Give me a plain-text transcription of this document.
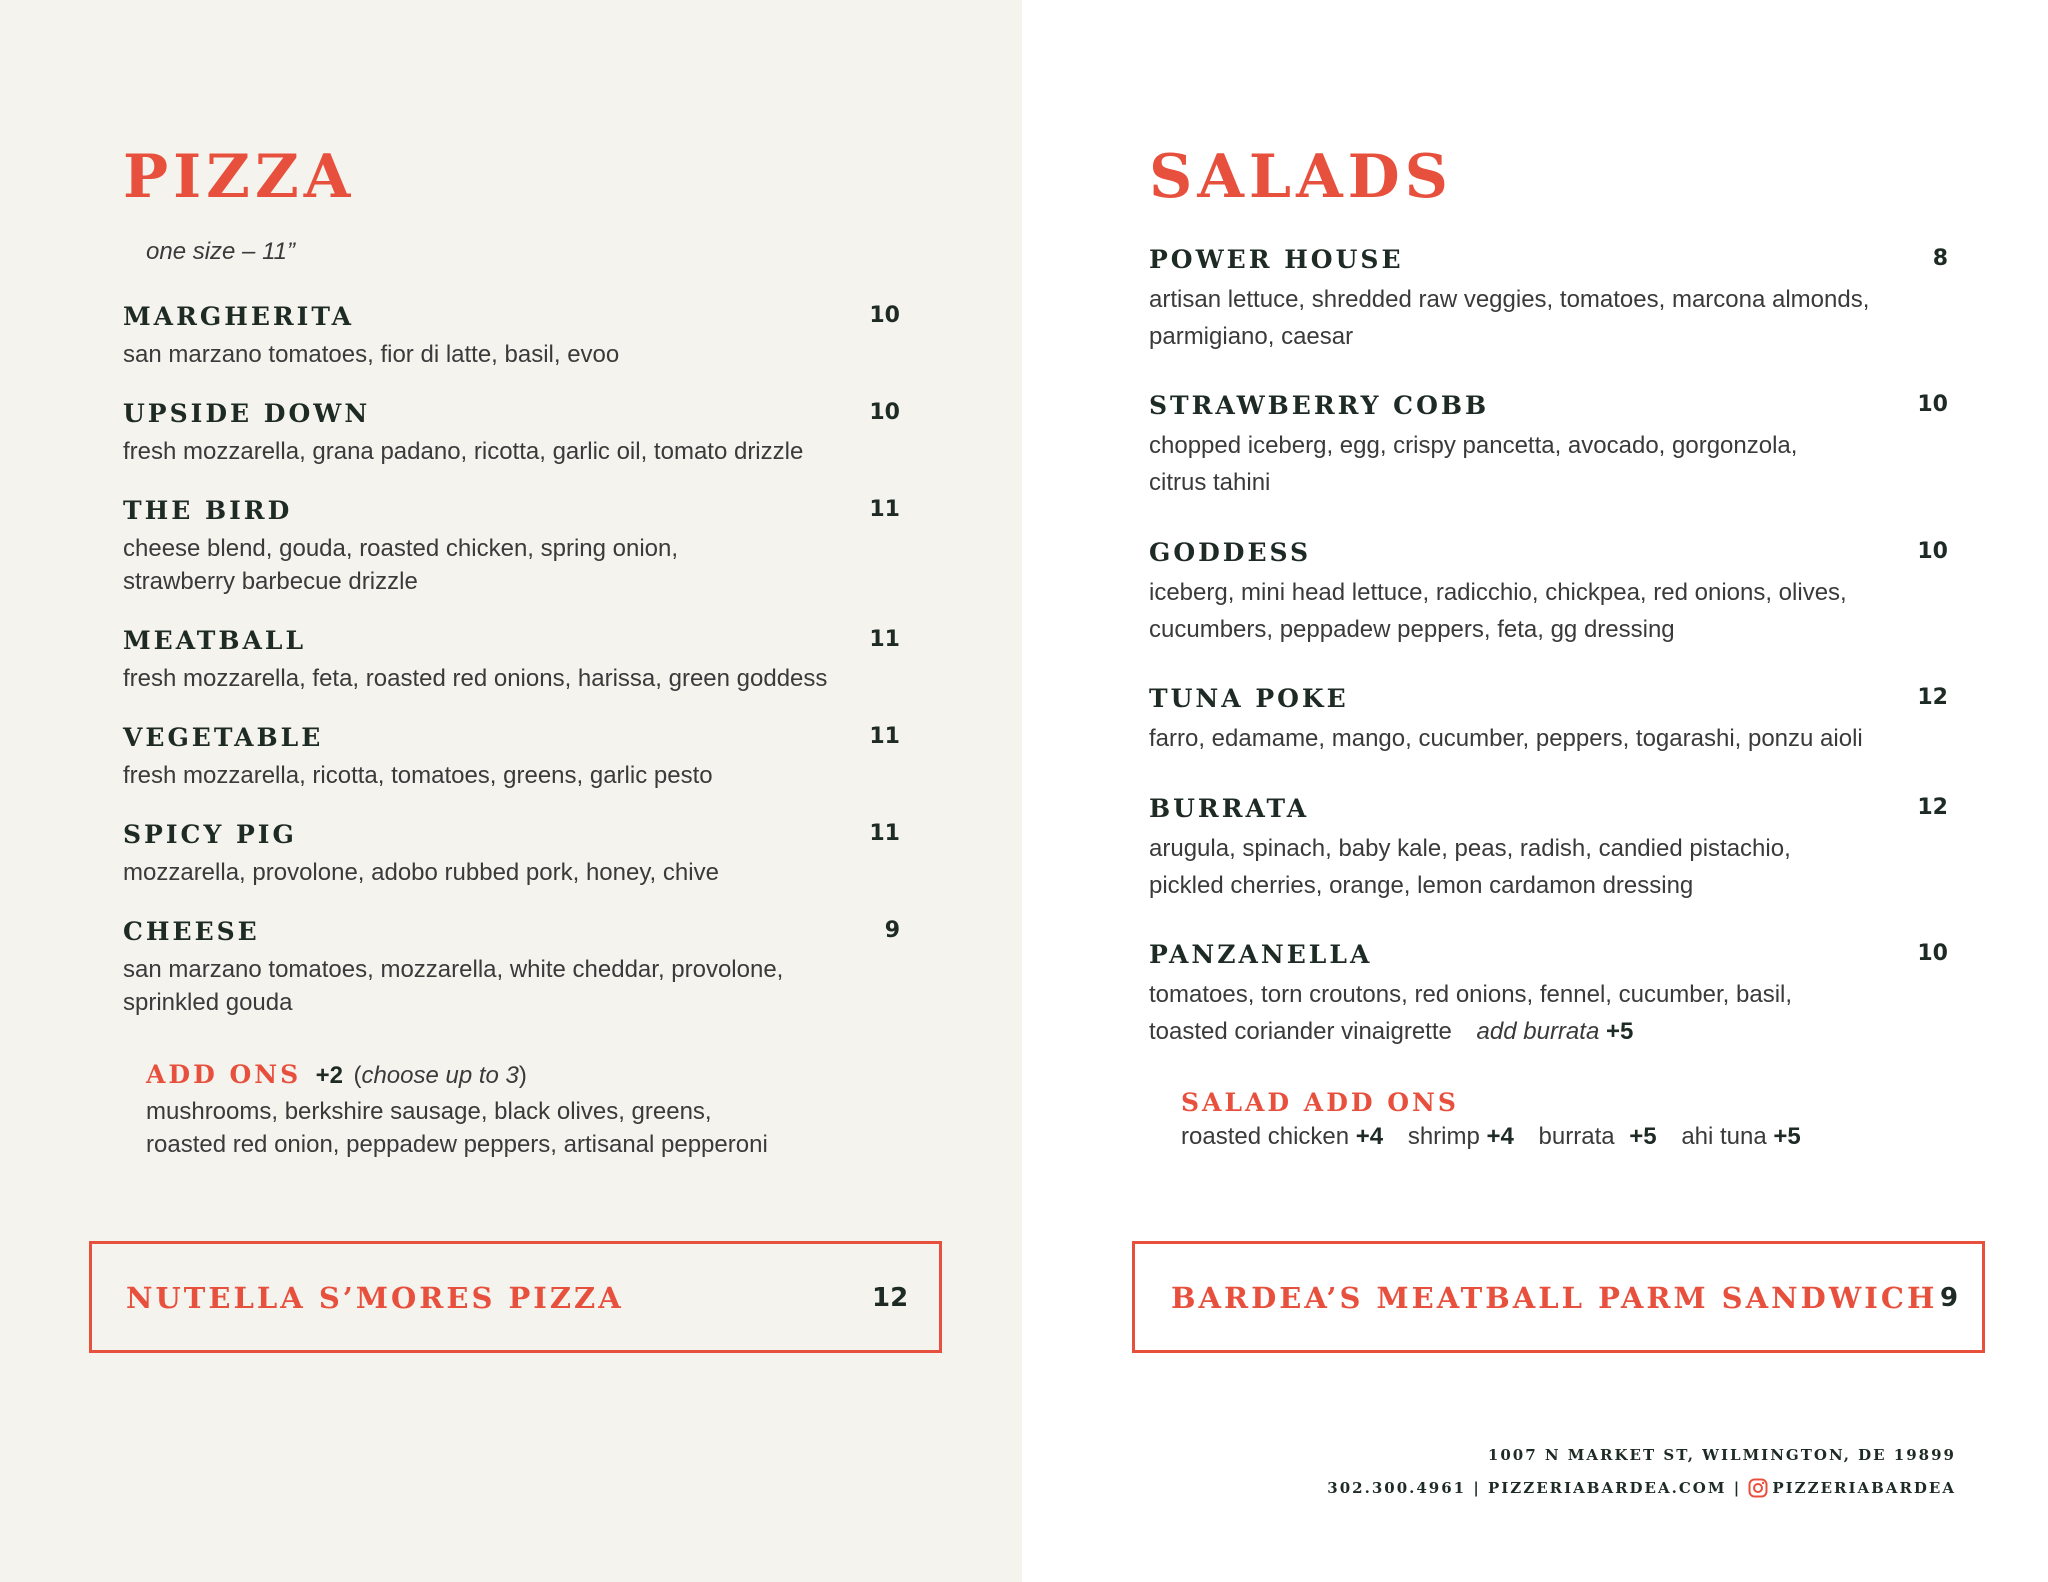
PIZZA
one size – 11”
MARGHERITA	10
san marzano tomatoes, fior di latte, basil, evoo
UPSIDE DOWN	10
fresh mozzarella, grana padano, ricotta, garlic oil, tomato drizzle
THE BIRD	11
cheese blend, gouda, roasted chicken, spring onion,
strawberry barbecue drizzle
MEATBALL	11
fresh mozzarella, feta, roasted red onions, harissa, green goddess
VEGETABLE	11
fresh mozzarella, ricotta, tomatoes, greens, garlic pesto
SPICY PIG	11
mozzarella, provolone, adobo rubbed pork, honey, chive
CHEESE	9
san marzano tomatoes, mozzarella, white cheddar, provolone,
sprinkled gouda
ADD ONS +2 (choose up to 3)
mushrooms, berkshire sausage, black olives, greens,
roasted red onion, peppadew peppers, artisanal pepperoni
NUTELLA S’MORES PIZZA	12
SALADS
POWER HOUSE	8
artisan lettuce, shredded raw veggies, tomatoes, marcona almonds,
parmigiano, caesar
STRAWBERRY COBB	10
chopped iceberg, egg, crispy pancetta, avocado, gorgonzola,
citrus tahini
GODDESS	10
iceberg, mini head lettuce, radicchio, chickpea, red onions, olives,
cucumbers, peppadew peppers, feta, gg dressing
TUNA POKE	12
farro, edamame, mango, cucumber, peppers, togarashi, ponzu aioli
BURRATA	12
arugula, spinach, baby kale, peas, radish, candied pistachio,
pickled cherries, orange, lemon cardamon dressing
PANZANELLA	10
tomatoes, torn croutons, red onions, fennel, cucumber, basil,
toasted coriander vinaigrette add burrata +5
SALAD ADD ONS
roasted chicken +4 shrimp +4 burrata +5 ahi tuna +5
BARDEA’S MEATBALL PARM SANDWICH 9
1007 N MARKET ST, WILMINGTON, DE 19899
302.300.4961 | PIZZERIABARDEA.COM | PIZZERIABARDEA
